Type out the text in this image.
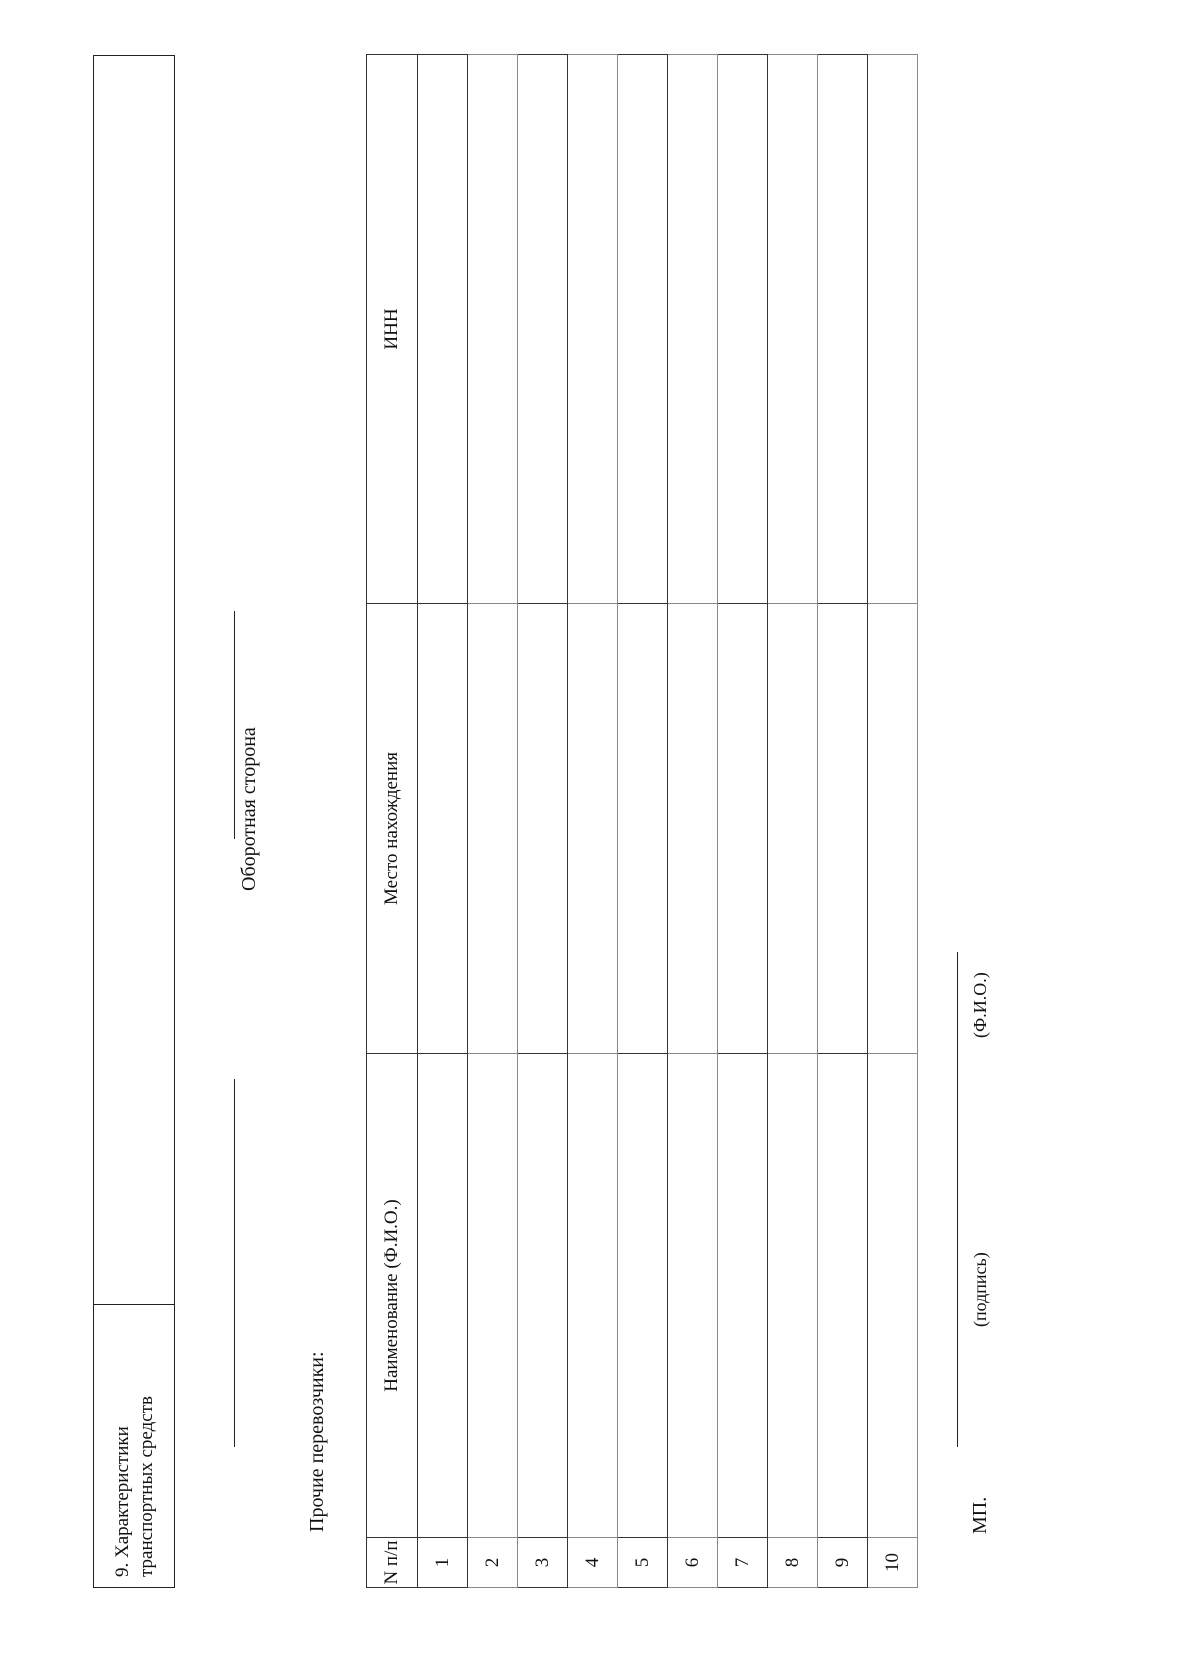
9. Характеристики транспортных средств
Оборотная сторона
Прочие перевозчики:
N п/п	Наименование (Ф.И.О.)	Место нахождения	ИНН
1			
2			
3			
4			
5			
6			
7			
8			
9			
10			
МП.
(подпись)
(Ф.И.О.)
